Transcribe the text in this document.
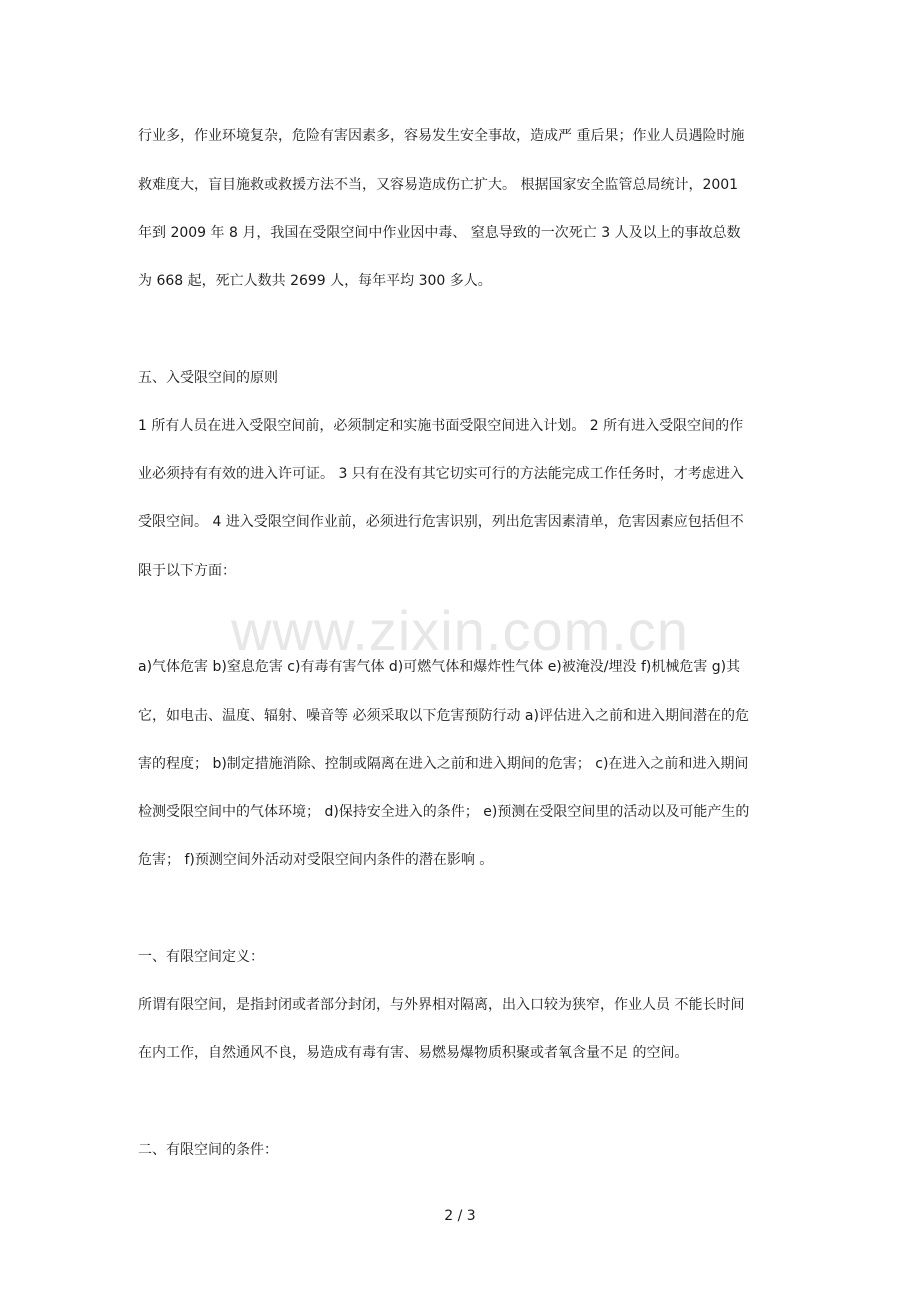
行业多，作业环境复杂，危险有害因素多，容易发生安全事故，造成严 重后果；作业人员遇险时施
救难度大，盲目施救或救援方法不当，又容易造成伤亡扩大。 根据国家安全监管总局统计，2001
年到 2009 年 8 月，我国在受限空间中作业因中毒、 窒息导致的一次死亡 3 人及以上的事故总数
为 668 起，死亡人数共 2699 人，每年平均 300 多人。
五、入受限空间的原则
1 所有人员在进入受限空间前，必须制定和实施书面受限空间进入计划。 2 所有进入受限空间的作
业必须持有有效的进入许可证。 3 只有在没有其它切实可行的方法能完成工作任务时，才考虑进入
受限空间。 4 进入受限空间作业前，必须进行危害识别，列出危害因素清单，危害因素应包括但不
限于以下方面：
www.zixin.com.cn
a)气体危害 b)窒息危害 c)有毒有害气体 d)可燃气体和爆炸性气体 e)被淹没/埋没 f)机械危害 g)其
它，如电击、温度、辐射、噪音等 必须采取以下危害预防行动 a)评估进入之前和进入期间潜在的危
害的程度； b)制定措施消除、控制或隔离在进入之前和进入期间的危害； c)在进入之前和进入期间
检测受限空间中的气体环境； d)保持安全进入的条件； e)预测在受限空间里的活动以及可能产生的
危害； f)预测空间外活动对受限空间内条件的潜在影响 。
一、有限空间定义：
所谓有限空间，是指封闭或者部分封闭，与外界相对隔离，出入口较为狭窄，作业人员 不能长时间
在内工作，自然通风不良，易造成有毒有害、易燃易爆物质积聚或者氧含量不足 的空间。
二、有限空间的条件：
2 / 3
